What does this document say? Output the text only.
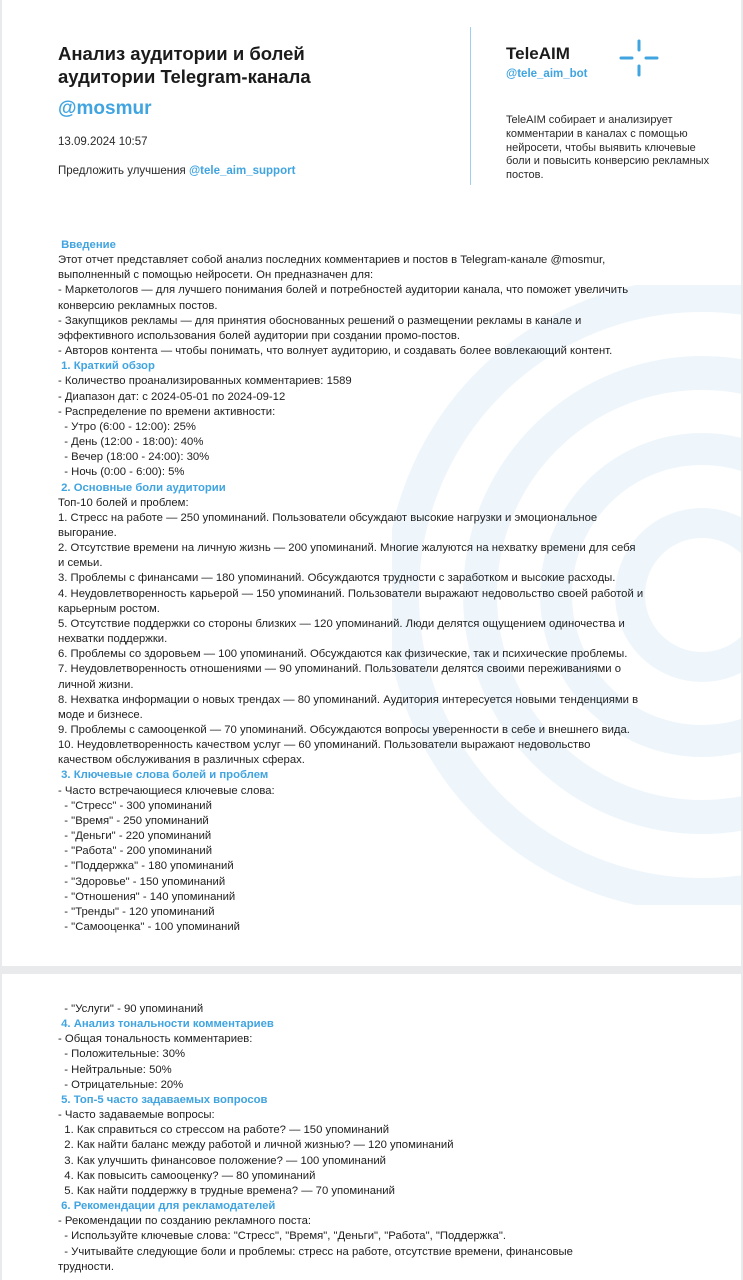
Анализ аудитории и болей
аудитории Telegram-канала
@mosmur
13.09.2024 10:57
Предложить улучшения @tele_aim_support
TeleAIM
@tele_aim_bot
TeleAIM собирает и анализирует комментарии в каналах с помощью нейросети, чтобы выявить ключевые боли и повысить конверсию рекламных постов.
Введение
Этот отчет представляет собой анализ последних комментариев и постов в Telegram-канале @mosmur,
выполненный с помощью нейросети. Он предназначен для:
- Маркетологов — для лучшего понимания болей и потребностей аудитории канала, что поможет увеличить
конверсию рекламных постов.
- Закупщиков рекламы — для принятия обоснованных решений о размещении рекламы в канале и
эффективного использования болей аудитории при создании промо-постов.
- Авторов контента — чтобы понимать, что волнует аудиторию, и создавать более вовлекающий контент.
1. Краткий обзор
- Количество проанализированных комментариев: 1589
- Диапазон дат: с 2024-05-01 по 2024-09-12
- Распределение по времени активности:
- Утро (6:00 - 12:00): 25%
- День (12:00 - 18:00): 40%
- Вечер (18:00 - 24:00): 30%
- Ночь (0:00 - 6:00): 5%
2. Основные боли аудитории
Топ-10 болей и проблем:
1. Стресс на работе — 250 упоминаний. Пользователи обсуждают высокие нагрузки и эмоциональное
выгорание.
2. Отсутствие времени на личную жизнь — 200 упоминаний. Многие жалуются на нехватку времени для себя
и семьи.
3. Проблемы с финансами — 180 упоминаний. Обсуждаются трудности с заработком и высокие расходы.
4. Неудовлетворенность карьерой — 150 упоминаний. Пользователи выражают недовольство своей работой и
карьерным ростом.
5. Отсутствие поддержки со стороны близких — 120 упоминаний. Люди делятся ощущением одиночества и
нехватки поддержки.
6. Проблемы со здоровьем — 100 упоминаний. Обсуждаются как физические, так и психические проблемы.
7. Неудовлетворенность отношениями — 90 упоминаний. Пользователи делятся своими переживаниями о
личной жизни.
8. Нехватка информации о новых трендах — 80 упоминаний. Аудитория интересуется новыми тенденциями в
моде и бизнесе.
9. Проблемы с самооценкой — 70 упоминаний. Обсуждаются вопросы уверенности в себе и внешнего вида.
10. Неудовлетворенность качеством услуг — 60 упоминаний. Пользователи выражают недовольство
качеством обслуживания в различных сферах.
3. Ключевые слова болей и проблем
- Часто встречающиеся ключевые слова:
- "Стресс" - 300 упоминаний
- "Время" - 250 упоминаний
- "Деньги" - 220 упоминаний
- "Работа" - 200 упоминаний
- "Поддержка" - 180 упоминаний
- "Здоровье" - 150 упоминаний
- "Отношения" - 140 упоминаний
- "Тренды" - 120 упоминаний
- "Самооценка" - 100 упоминаний
- "Услуги" - 90 упоминаний
4. Анализ тональности комментариев
- Общая тональность комментариев:
- Положительные: 30%
- Нейтральные: 50%
- Отрицательные: 20%
5. Топ-5 часто задаваемых вопросов
- Часто задаваемые вопросы:
1. Как справиться со стрессом на работе? — 150 упоминаний
2. Как найти баланс между работой и личной жизнью? — 120 упоминаний
3. Как улучшить финансовое положение? — 100 упоминаний
4. Как повысить самооценку? — 80 упоминаний
5. Как найти поддержку в трудные времена? — 70 упоминаний
6. Рекомендации для рекламодателей
- Рекомендации по созданию рекламного поста:
- Используйте ключевые слова: "Стресс", "Время", "Деньги", "Работа", "Поддержка".
- Учитывайте следующие боли и проблемы: стресс на работе, отсутствие времени, финансовые
трудности.
